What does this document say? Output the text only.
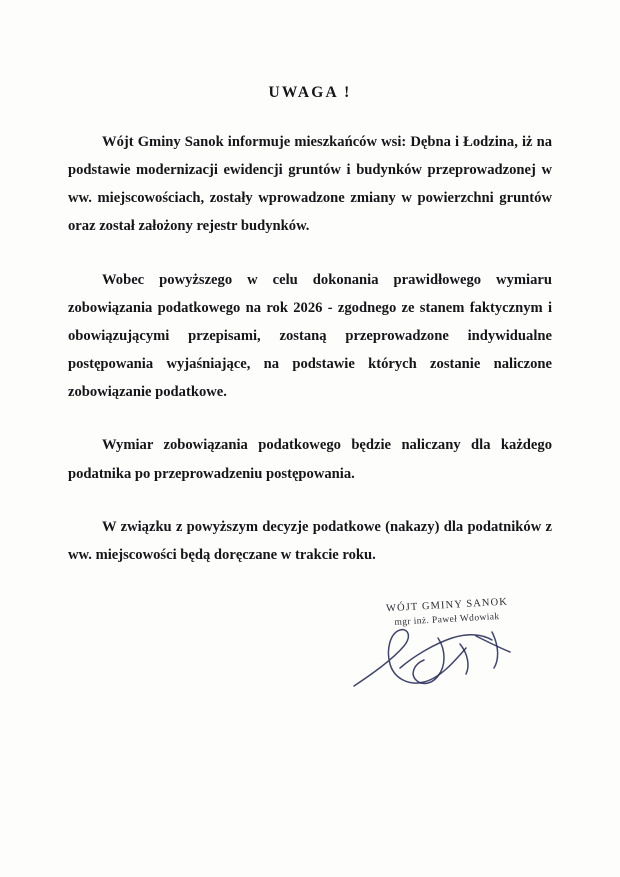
UWAGA !

Wójt Gminy Sanok informuje mieszkańców wsi: Dębna i Łodzina, iż na podstawie modernizacji ewidencji gruntów i budynków przeprowadzonej w ww. miejscowościach, zostały wprowadzone zmiany w powierzchni gruntów oraz został założony rejestr budynków.

Wobec powyższego w celu dokonania prawidłowego wymiaru zobowiązania podatkowego na rok 2026 - zgodnego ze stanem faktycznym i obowiązującymi przepisami, zostaną przeprowadzone indywidualne postępowania wyjaśniające, na podstawie których zostanie naliczone zobowiązanie podatkowe.

Wymiar zobowiązania podatkowego będzie naliczany dla każdego podatnika po przeprowadzeniu postępowania.

W związku z powyższym decyzje podatkowe (nakazy) dla podatników z ww. miejscowości będą doręczane w trakcie roku.

WÓJT GMINY SANOK
mgr inż. Paweł Wdowiak
